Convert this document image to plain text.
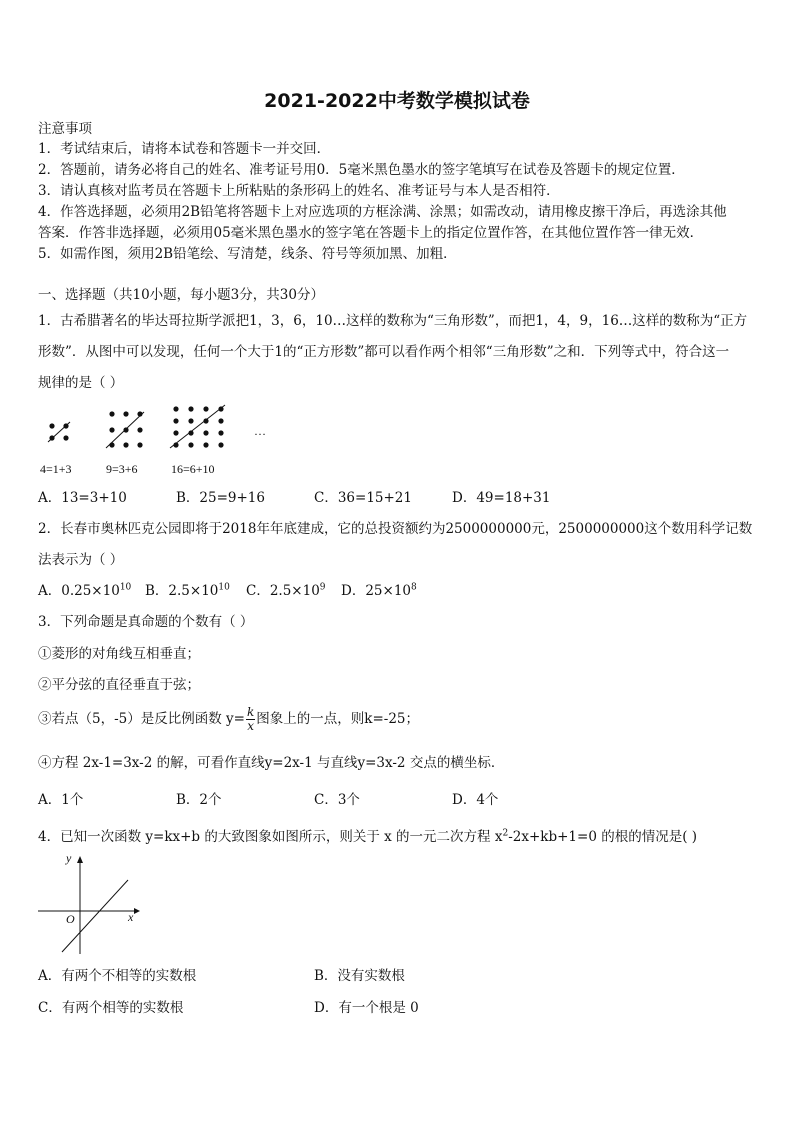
2021-2022中考数学模拟试卷
注意事项
1．考试结束后，请将本试卷和答题卡一并交回．
2．答题前，请务必将自己的姓名、准考证号用0．5毫米黑色墨水的签字笔填写在试卷及答题卡的规定位置．
3．请认真核对监考员在答题卡上所粘贴的条形码上的姓名、准考证号与本人是否相符．
4．作答选择题，必须用2B铅笔将答题卡上对应选项的方框涂满、涂黑；如需改动，请用橡皮擦干净后，再选涂其他
答案．作答非选择题，必须用05毫米黑色墨水的签字笔在答题卡上的指定位置作答，在其他位置作答一律无效．
5．如需作图，须用2B铅笔绘、写清楚，线条、符号等须加黑、加粗．
一、选择题（共10小题，每小题3分，共30分）
1．古希腊著名的毕达哥拉斯学派把1，3，6，10…这样的数称为“三角形数”，而把1，4，9，16…这样的数称为“正方
形数”．从图中可以发现，任何一个大于1的“正方形数”都可以看作两个相邻“三角形数”之和．下列等式中，符合这一
规律的是（ ）
…
4=1+3	9=3+6	16=6+10
A．13=3+10	B．25=9+16	C．36=15+21	D．49=18+31
2．长春市奥林匹克公园即将于2018年年底建成，它的总投资额约为2500000000元，2500000000这个数用科学记数
法表示为（ ）
A．$0.25\times 10^{10}$ B．$2.5\times 10^{10}$ C．$2.5\times 10^9$ D．$25\times 10^8$
3．下列命题是真命题的个数有（ ）
①菱形的对角线互相垂直；
②平分弦的直径垂直于弦；
③若点（5，-5）是反比例函数 $y= \frac{k}{x}$ 图象上的一点，则k=-25；
④方程 2x-1=3x-2 的解，可看作直线y=2x-1 与直线y=3x-2 交点的横坐标．
A．1个	B．2个	C．3个	D．4个
4．已知一次函数 y=kx+b 的大致图象如图所示，则关于 x 的一元二次方程 $x^2-2x+kb+1=0$ 的根的情况是( )
y
x
O
A．有两个不相等的实数根	B．没有实数根
C．有两个相等的实数根	D．有一个根是 0
